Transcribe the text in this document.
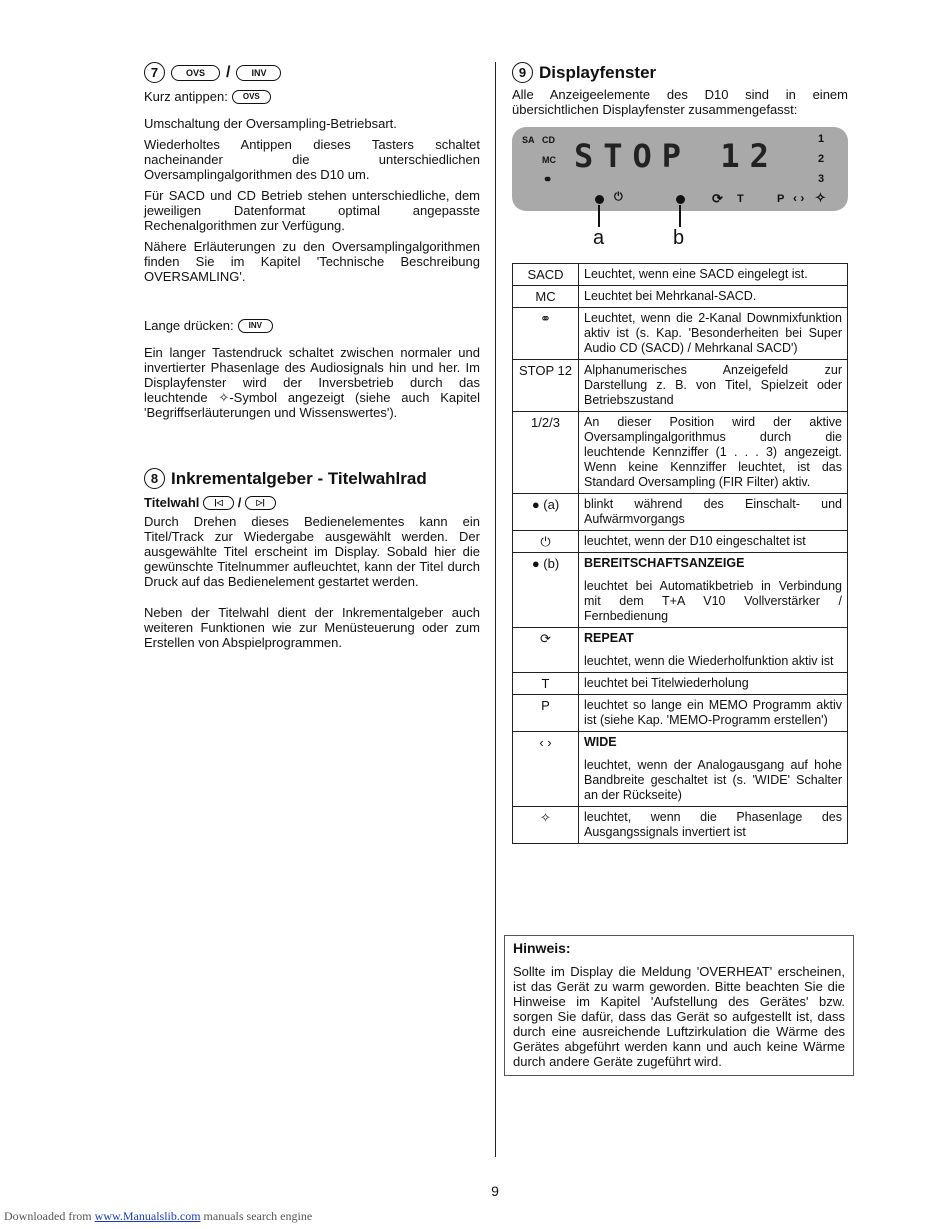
7	OVS	/	INV
Kurz antippen:	OVS

Umschaltung der Oversampling-Betriebsart.

Wiederholtes Antippen dieses Tasters schaltet nacheinander die unterschiedlichen Oversamplingalgorithmen des D10 um.

Für SACD und CD Betrieb stehen unterschiedliche, dem jeweiligen Datenformat optimal angepasste Rechenalgorithmen zur Verfügung.

Nähere Erläuterungen zu den Oversamplingalgorithmen finden Sie im Kapitel 'Technische Beschreibung OVERSAMLING'.

Lange drücken:	INV

Ein langer Tastendruck schaltet zwischen normaler und invertierter Phasenlage des Audiosignals hin und her. Im Displayfenster wird der Inversbetrieb durch das leuchtende ✧-Symbol angezeigt (siehe auch Kapitel 'Begriffserläuterungen und Wissenswertes').

8 Inkrementalgeber - Titelwahlrad
Titelwahl	|◁	/	▷|

Durch Drehen dieses Bedienelementes kann ein Titel/Track zur Wiedergabe ausgewählt werden. Der ausgewählte Titel erscheint im Display. Sobald hier die gewünschte Titelnummer aufleuchtet, kann der Titel durch Druck auf das Bedienelement gestartet werden.

Neben der Titelwahl dient der Inkrementalgeber auch weiteren Funktionen wie zur Menüsteuerung oder zum Erstellen von Abspielprogrammen.

9 Displayfenster

Alle Anzeigeelemente des D10 sind in einem übersichtlichen Displayfenster zusammengefasst:

SA CD
MC
⚭
STOP 12	1
2
3
⏻	⟳ T	P ‹ › ✧
a	b
SACD	Leuchtet, wenn eine SACD eingelegt ist.

MC	Leuchtet bei Mehrkanal-SACD.

⚭	Leuchtet, wenn die 2-Kanal Downmixfunktion aktiv ist (s. Kap. 'Besonderheiten bei Super Audio CD (SACD) / Mehrkanal SACD')

STOP 12	Alphanumerisches Anzeigefeld zur Darstellung z. B. von Titel, Spielzeit oder Betriebszustand

1/2/3	An dieser Position wird der aktive Oversamplingalgorithmus durch die leuchtende Kennziffer (1 . . . 3) angezeigt. Wenn keine Kennziffer leuchtet, ist das Standard Oversampling (FIR Filter) aktiv.

● (a)	blinkt während des Einschalt- und Aufwärmvorgangs

⏻	leuchtet, wenn der D10 eingeschaltet ist

● (b)	BEREITSCHAFTSANZEIGE
leuchtet bei Automatikbetrieb in Verbindung mit dem T+A V10 Vollverstärker / Fernbedienung

⟳	REPEAT
leuchtet, wenn die Wiederholfunktion aktiv ist

T	leuchtet bei Titelwiederholung

P	leuchtet so lange ein MEMO Programm aktiv ist (siehe Kap. 'MEMO-Programm erstellen')

‹ ›	WIDE
leuchtet, wenn der Analogausgang auf hohe Bandbreite geschaltet ist (s. 'WIDE' Schalter an der Rückseite)

✧	leuchtet, wenn die Phasenlage des Ausgangssignals invertiert ist
Hinweis:
Sollte im Display die Meldung 'OVERHEAT' erscheinen, ist das Gerät zu warm geworden. Bitte beachten Sie die Hinweise im Kapitel 'Aufstellung des Gerätes' bzw. sorgen Sie dafür, dass das Gerät so aufgestellt ist, dass durch eine ausreichende Luftzirkulation die Wärme des Gerätes abgeführt werden kann und auch keine Wärme durch andere Geräte zugeführt wird.
9
Downloaded from www.Manualslib.com manuals search engine
